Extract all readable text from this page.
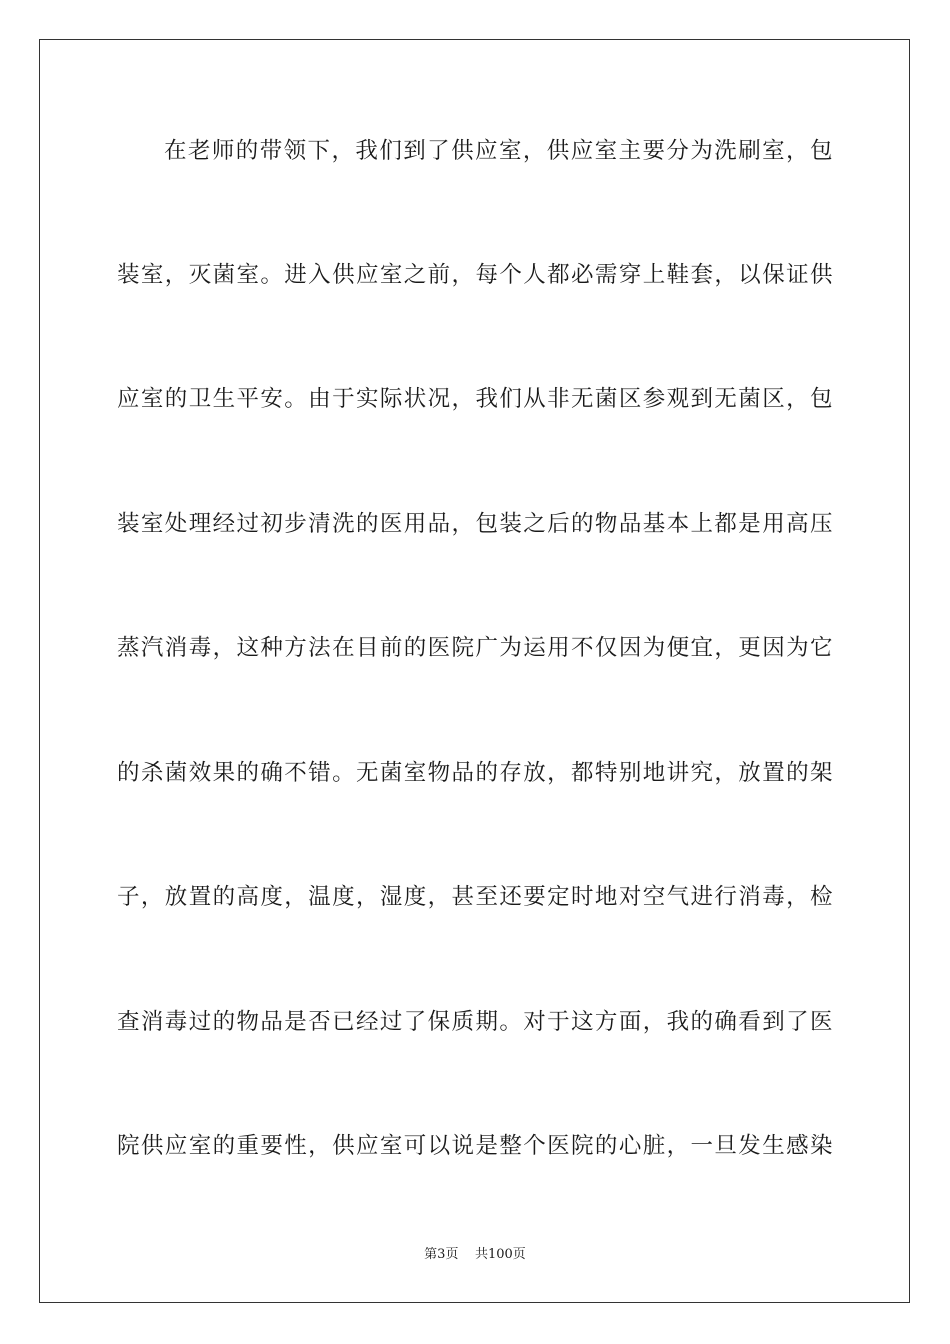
在老师的带领下，我们到了供应室，供应室主要分为洗刷室，包
装室，灭菌室。进入供应室之前，每个人都必需穿上鞋套，以保证供
应室的卫生平安。由于实际状况，我们从非无菌区参观到无菌区，包
装室处理经过初步清洗的医用品，包装之后的物品基本上都是用高压
蒸汽消毒，这种方法在目前的医院广为运用不仅因为便宜，更因为它
的杀菌效果的确不错。无菌室物品的存放，都特别地讲究，放置的架
子，放置的高度，温度，湿度，甚至还要定时地对空气进行消毒，检
查消毒过的物品是否已经过了保质期。对于这方面，我的确看到了医
院供应室的重要性，供应室可以说是整个医院的心脏，一旦发生感染
第3页 共100页
